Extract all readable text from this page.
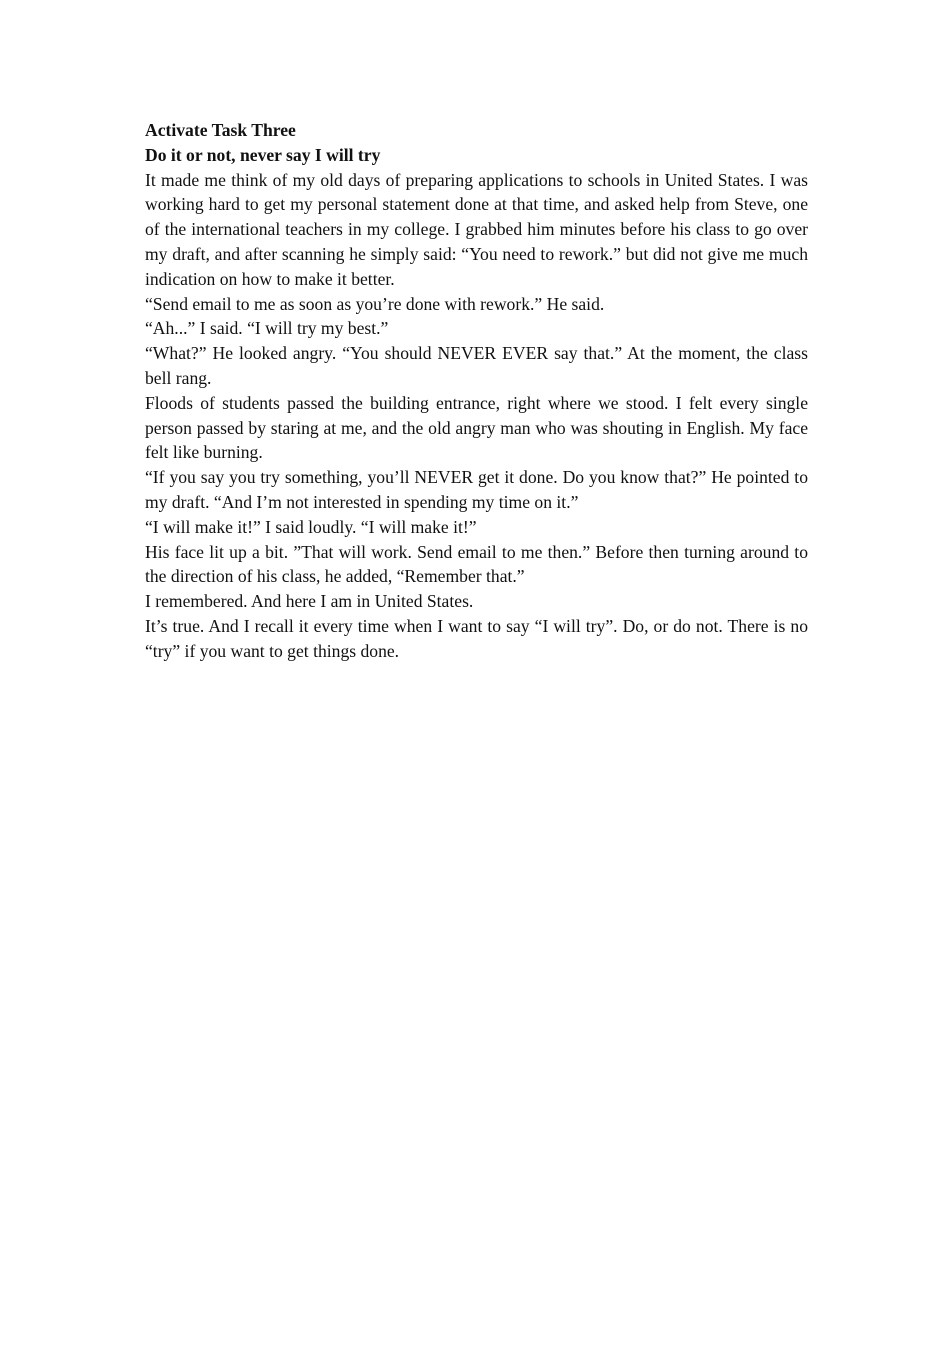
Activate Task Three

Do it or not, never say I will try

It made me think of my old days of preparing applications to schools in United States. I was working hard to get my personal statement done at that time, and asked help from Steve, one of the international teachers in my college. I grabbed him minutes before his class to go over my draft, and after scanning he simply said: “You need to rework.” but did not give me much indication on how to make it better.

“Send email to me as soon as you’re done with rework.” He said.

“Ah...” I said. “I will try my best.”

“What?” He looked angry. “You should NEVER EVER say that.” At the moment, the class bell rang.

Floods of students passed the building entrance, right where we stood. I felt every single person passed by staring at me, and the old angry man who was shouting in English. My face felt like burning.

“If you say you try something, you’ll NEVER get it done. Do you know that?” He pointed to my draft. “And I’m not interested in spending my time on it.”

“I will make it!” I said loudly. “I will make it!”

His face lit up a bit. ”That will work. Send email to me then.” Before then turning around to the direction of his class, he added, “Remember that.”

I remembered. And here I am in United States.

It’s true. And I recall it every time when I want to say “I will try”. Do, or do not. There is no “try” if you want to get things done.
